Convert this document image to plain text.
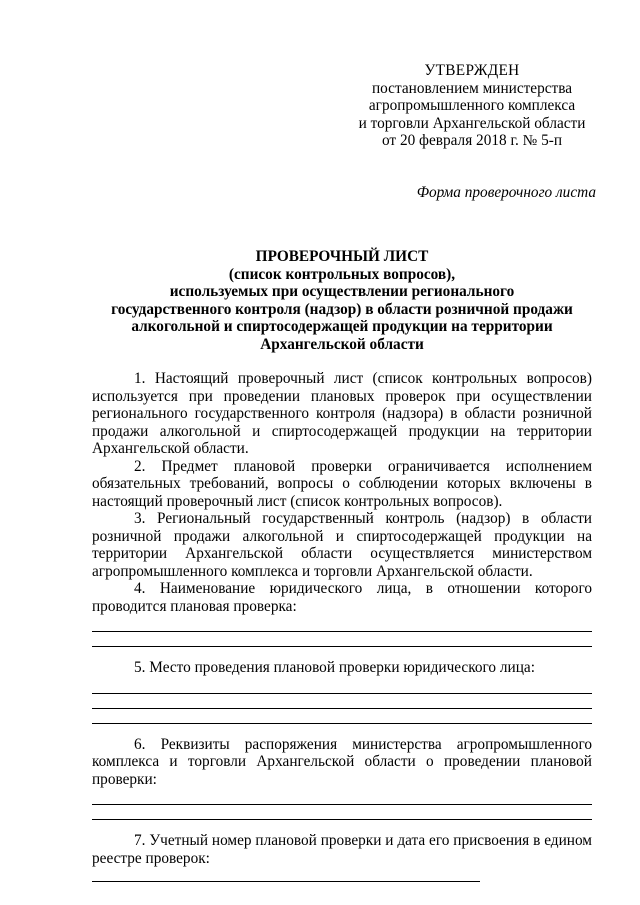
УТВЕРЖДЕН
постановлением министерства
агропромышленного комплекса
и торговли Архангельской области
от 20 февраля 2018 г. № 5-п
Форма проверочного листа
ПРОВЕРОЧНЫЙ ЛИСТ
(список контрольных вопросов),
используемых при осуществлении регионального
государственного контроля (надзор) в области розничной продажи
алкогольной и спиртосодержащей продукции на территории
Архангельской области

1. Настоящий проверочный лист (список контрольных вопросов) используется при проведении плановых проверок при осуществлении регионального государственного контроля (надзора) в области розничной продажи алкогольной и спиртосодержащей продукции на территории Архангельской области.

2. Предмет плановой проверки ограничивается исполнением обязательных требований, вопросы о соблюдении которых включены в настоящий проверочный лист (список контрольных вопросов).

3. Региональный государственный контроль (надзор) в области розничной продажи алкогольной и спиртосодержащей продукции на территории Архангельской области осуществляется министерством агропромышленного комплекса и торговли Архангельской области.

4. Наименование юридического лица, в отношении которого проводится плановая проверка:

5. Место проведения плановой проверки юридического лица:

6. Реквизиты распоряжения министерства агропромышленного комплекса и торговли Архангельской области о проведении плановой проверки:

7. Учетный номер плановой проверки и дата его присвоения в едином

реестре проверок:
